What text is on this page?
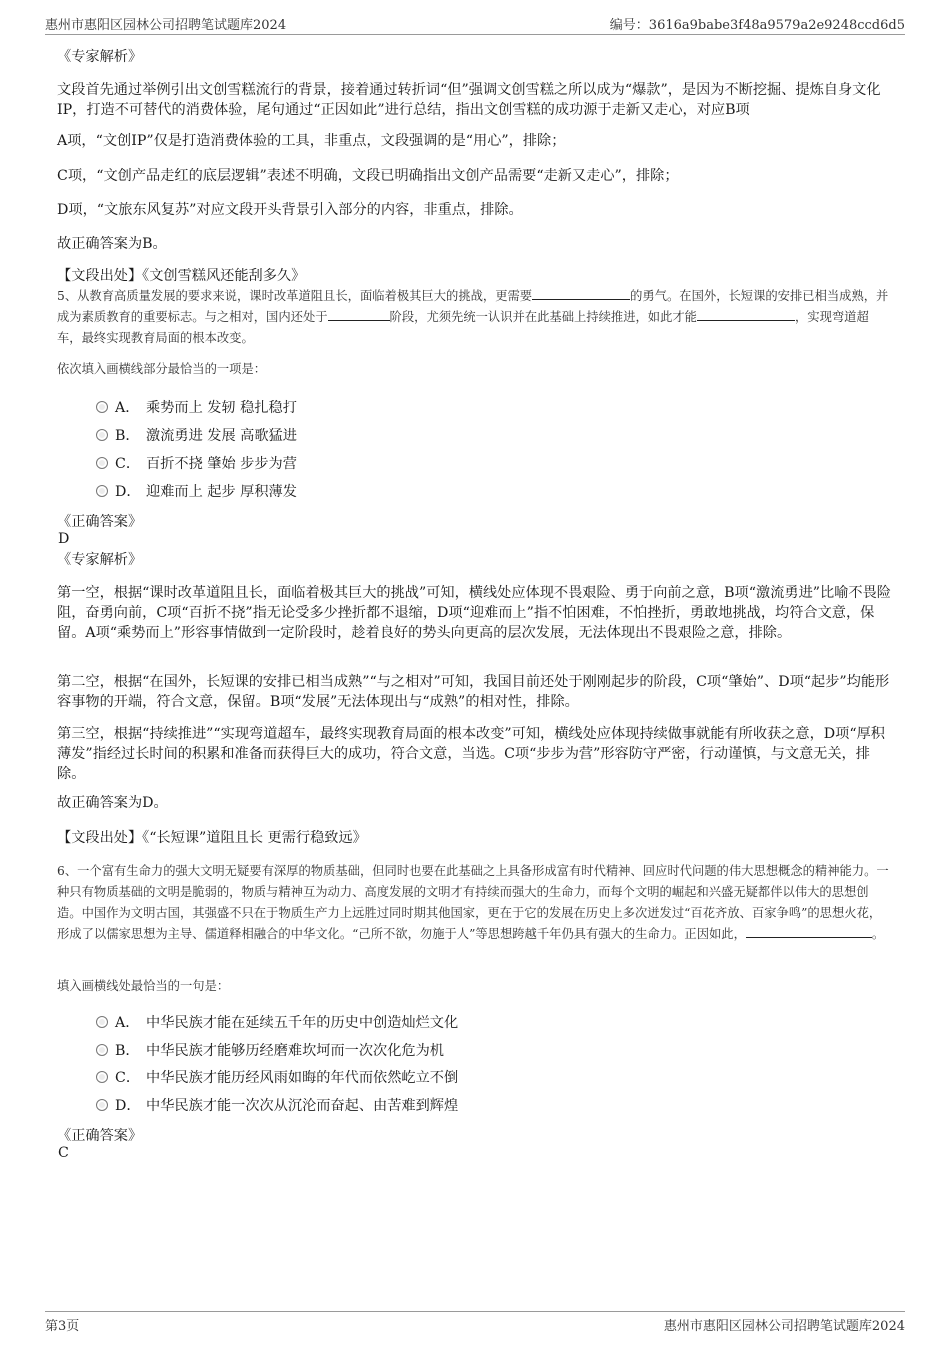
惠州市惠阳区园林公司招聘笔试题库2024	编号：3616a9babe3f48a9579a2e9248ccd6d5
《专家解析》
文段首先通过举例引出文创雪糕流行的背景，接着通过转折词“但”强调文创雪糕之所以成为“爆款”，是因为不断挖掘、提炼自身文化IP，打造不可替代的消费体验，尾句通过“正因如此”进行总结，指出文创雪糕的成功源于走新又走心，对应B项
A项，“文创IP”仅是打造消费体验的工具，非重点，文段强调的是“用心”，排除；
C项，“文创产品走红的底层逻辑”表述不明确，文段已明确指出文创产品需要“走新又走心”，排除；
D项，“文旅东风复苏”对应文段开头背景引入部分的内容，非重点，排除。
故正确答案为B。
【文段出处】《文创雪糕风还能刮多久》
5、从教育高质量发展的要求来说，课时改革道阻且长，面临着极其巨大的挑战，更需要	的勇气。在国外，长短课的安排已相当成熟，并成为素质教育的重要标志。与之相对，国内还处于	阶段，尤须先统一认识并在此基础上持续推进，如此才能	，实现弯道超车，最终实现教育局面的根本改变。
依次填入画横线部分最恰当的一项是：
A． 乘势而上 发轫 稳扎稳打
B． 激流勇进 发展 高歌猛进
C． 百折不挠 肇始 步步为营
D． 迎难而上 起步 厚积薄发
《正确答案》
D
《专家解析》
第一空，根据“课时改革道阻且长，面临着极其巨大的挑战”可知，横线处应体现不畏艰险、勇于向前之意，B项“激流勇进”比喻不畏险阻，奋勇向前，C项“百折不挠”指无论受多少挫折都不退缩，D项“迎难而上”指不怕困难，不怕挫折，勇敢地挑战，均符合文意，保留。A项“乘势而上”形容事情做到一定阶段时，趁着良好的势头向更高的层次发展，无法体现出不畏艰险之意，排除。
第二空，根据“在国外，长短课的安排已相当成熟”“与之相对”可知，我国目前还处于刚刚起步的阶段，C项“肇始”、D项“起步”均能形容事物的开端，符合文意，保留。B项“发展”无法体现出与“成熟”的相对性，排除。
第三空，根据“持续推进”“实现弯道超车，最终实现教育局面的根本改变”可知，横线处应体现持续做事就能有所收获之意，D项“厚积薄发”指经过长时间的积累和准备而获得巨大的成功，符合文意，当选。C项“步步为营”形容防守严密，行动谨慎，与文意无关，排除。
故正确答案为D。
【文段出处】《“长短课”道阻且长 更需行稳致远》
6、一个富有生命力的强大文明无疑要有深厚的物质基础，但同时也要在此基础之上具备形成富有时代精神、回应时代问题的伟大思想概念的精神能力。一种只有物质基础的文明是脆弱的，物质与精神互为动力、高度发展的文明才有持续而强大的生命力，而每个文明的崛起和兴盛无疑都伴以伟大的思想创造。中国作为文明古国，其强盛不只在于物质生产力上远胜过同时期其他国家，更在于它的发展在历史上多次迸发过“百花齐放、百家争鸣”的思想火花，形成了以儒家思想为主导、儒道释相融合的中华文化。“己所不欲，勿施于人”等思想跨越千年仍具有强大的生命力。正因如此，	。
填入画横线处最恰当的一句是：
A． 中华民族才能在延续五千年的历史中创造灿烂文化
B． 中华民族才能够历经磨难坎坷而一次次化危为机
C． 中华民族才能历经风雨如晦的年代而依然屹立不倒
D． 中华民族才能一次次从沉沦而奋起、由苦难到辉煌
《正确答案》
C
第3页	惠州市惠阳区园林公司招聘笔试题库2024
